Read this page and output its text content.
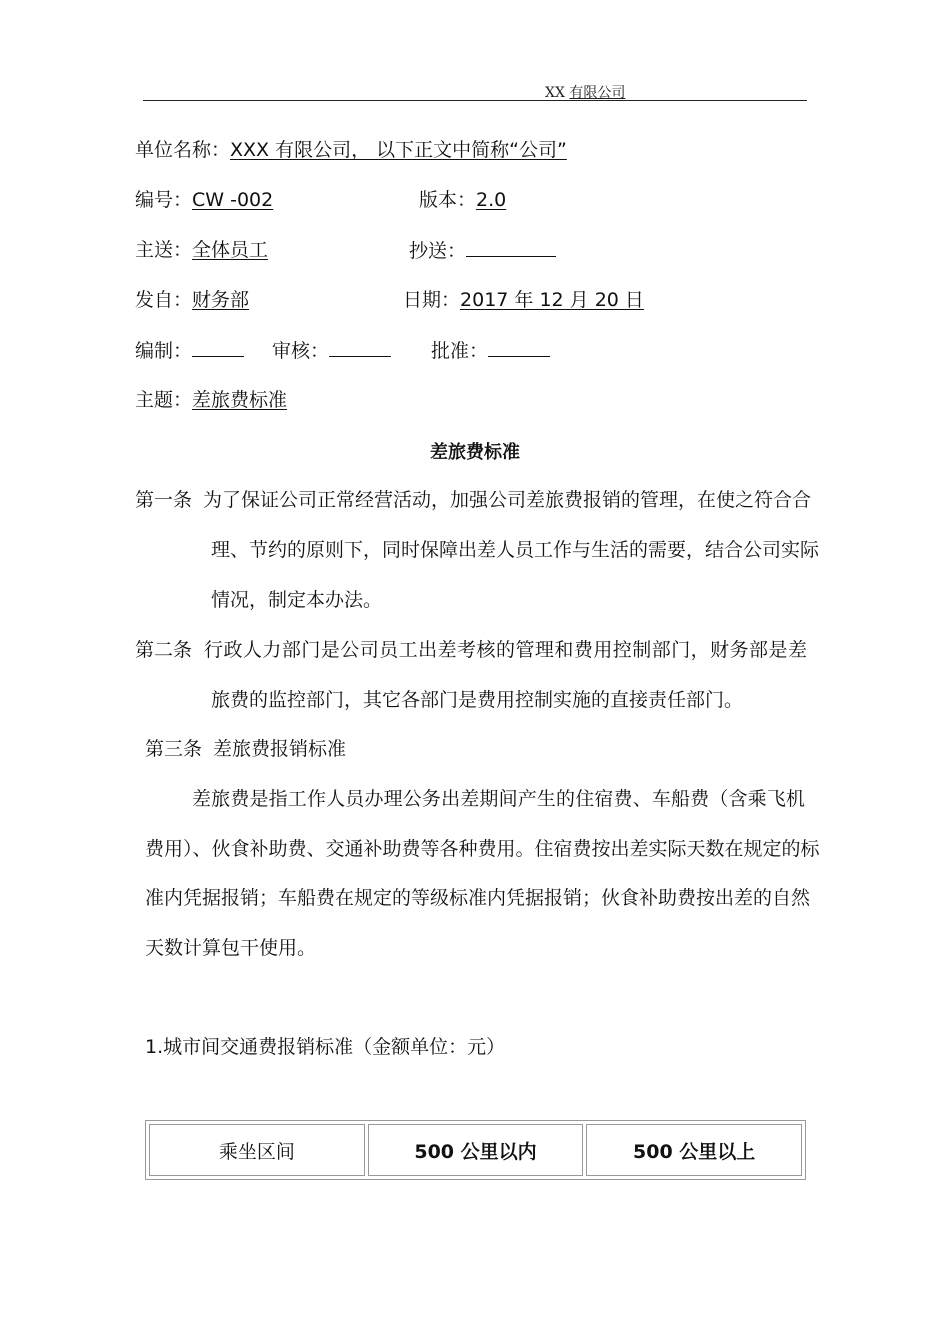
XX 有限公司
单位名称：XXX 有限公司， 以下正文中简称“公司”
编号：CW -002	版本：2.0
主送：全体员工	抄送：
发自：财务部	日期：2017 年 12 月 20 日
编制：	审核：	批准：
主题：差旅费标准
差旅费标准
第一条 为了保证公司正常经营活动，加强公司差旅费报销的管理，在使之符合合
理、节约的原则下，同时保障出差人员工作与生活的需要，结合公司实际
情况，制定本办法。
第二条 行政人力部门是公司员工出差考核的管理和费用控制部门，财务部是差
旅费的监控部门，其它各部门是费用控制实施的直接责任部门。
第三条 差旅费报销标准
差旅费是指工作人员办理公务出差期间产生的住宿费、车船费（含乘飞机
费用）、伙食补助费、交通补助费等各种费用。住宿费按出差实际天数在规定的标
准内凭据报销；车船费在规定的等级标准内凭据报销；伙食补助费按出差的自然
天数计算包干使用。
1.城市间交通费报销标准（金额单位：元）
乘坐区间	500 公里以内	500 公里以上
